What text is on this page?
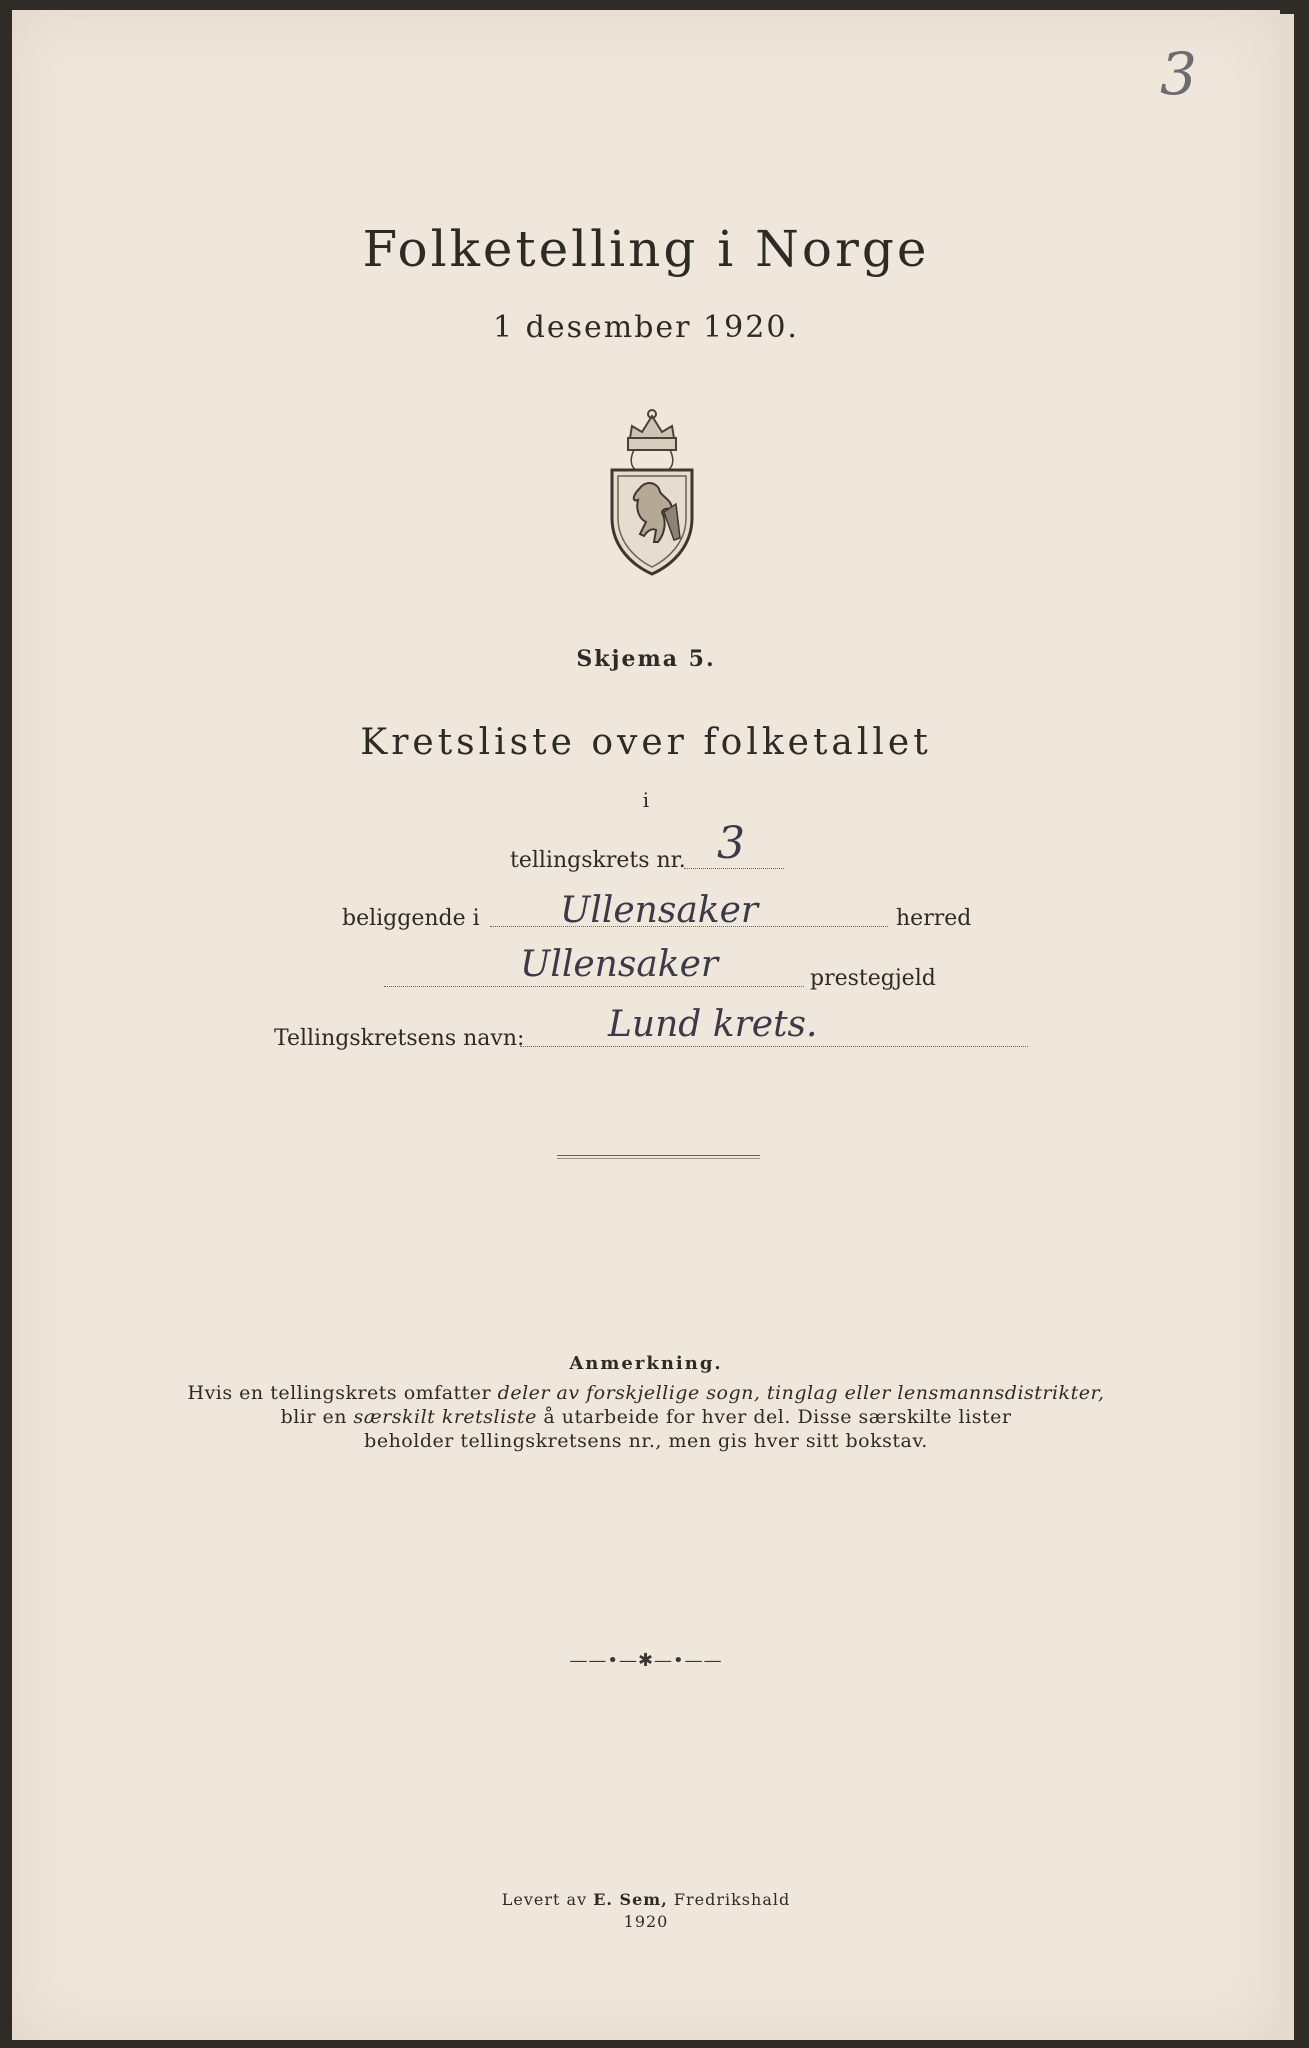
3
Folketelling i Norge
1 desember 1920.
Skjema 5.
Kretsliste over folketallet
i
tellingskrets nr. 3
beliggende i Ullensaker	herred
Ullensaker	prestegjeld
Tellingskretsens navn: Lund krets.
Anmerkning.
Hvis en tellingskrets omfatter deler av forskjellige sogn, tinglag eller lensmannsdistrikter,
blir en særskilt kretsliste å utarbeide for hver del. Disse særskilte lister
beholder tellingskretsens nr., men gis hver sitt bokstav.
——•—✱—•——
Levert av E. Sem, Fredrikshald
1920
